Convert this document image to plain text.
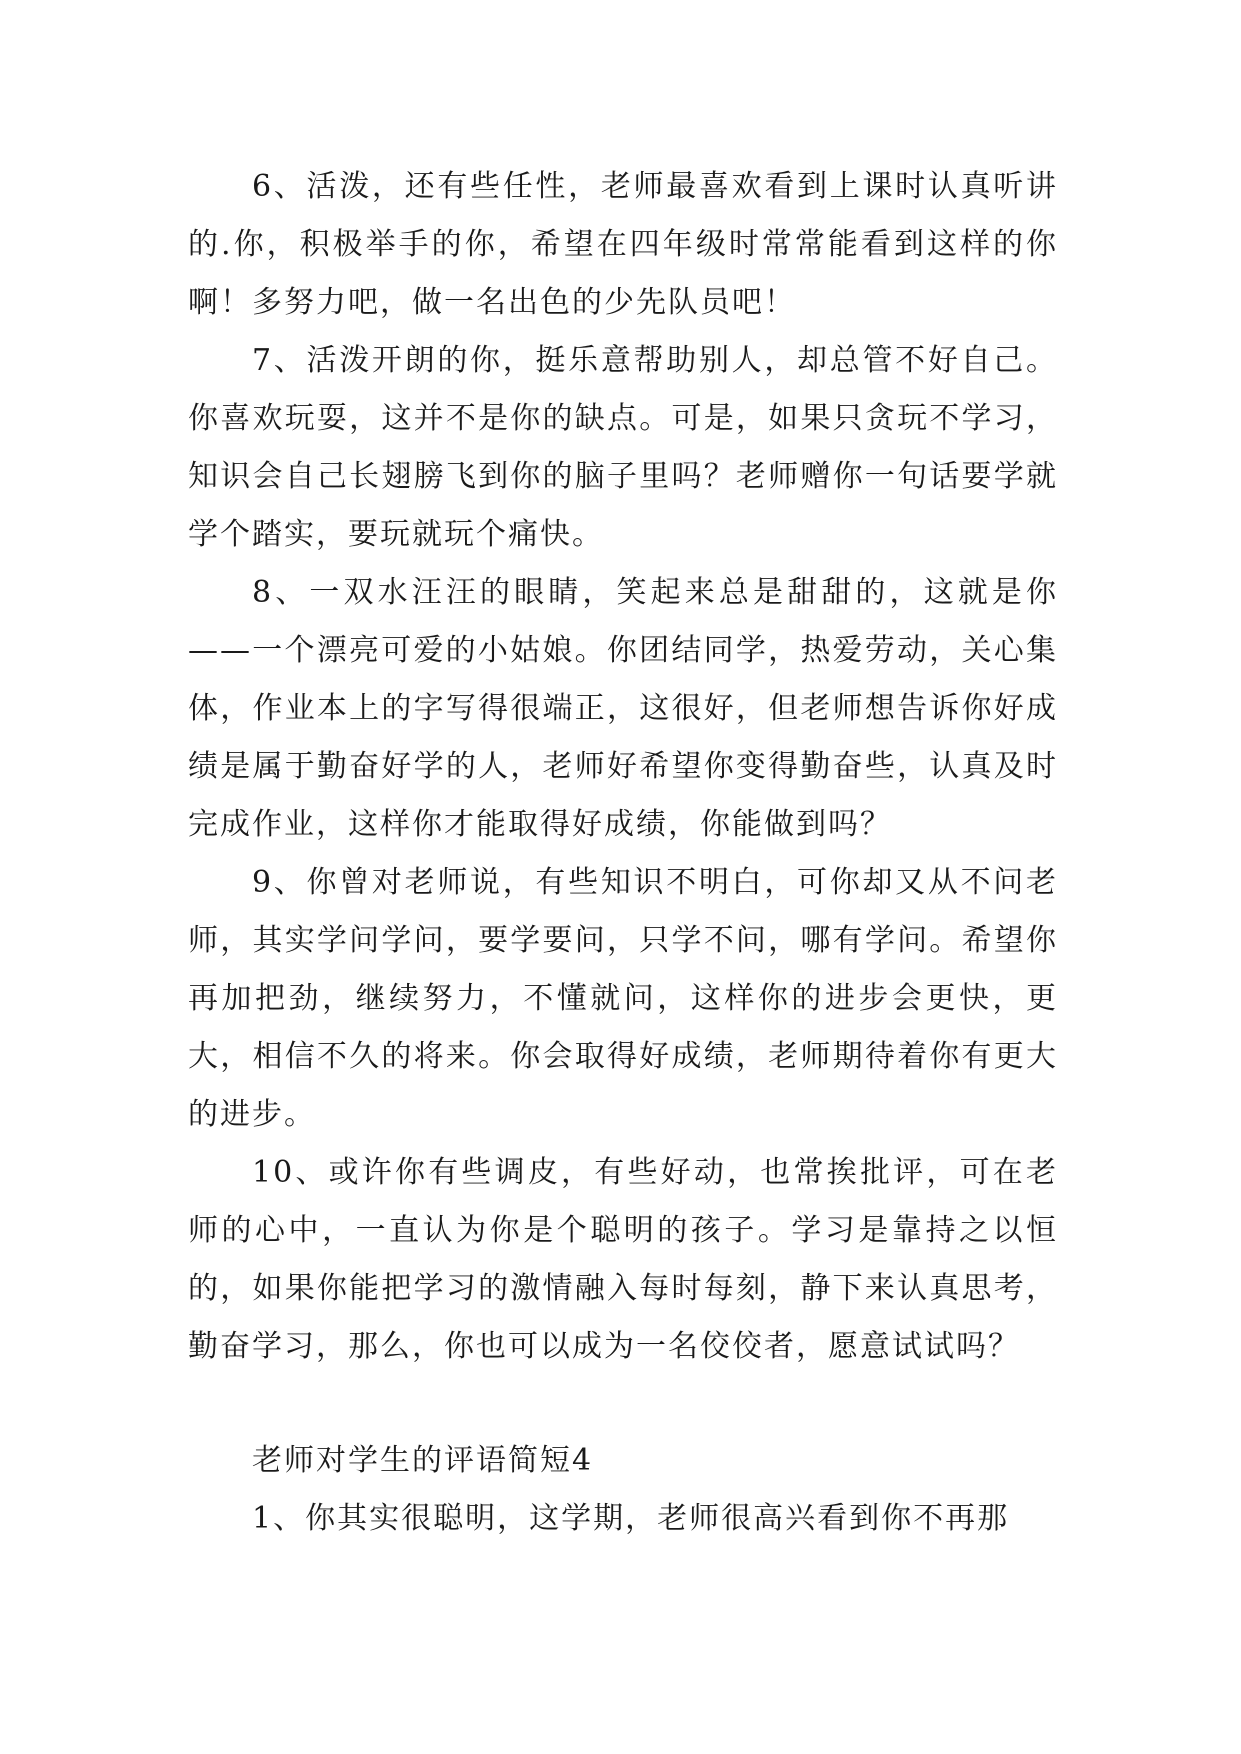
6、活泼，还有些任性，老师最喜欢看到上课时认真听讲的.你，积极举手的你，希望在四年级时常常能看到这样的你啊！多努力吧，做一名出色的少先队员吧！

7、活泼开朗的你，挺乐意帮助别人，却总管不好自己。你喜欢玩耍，这并不是你的缺点。可是，如果只贪玩不学习，知识会自己长翅膀飞到你的脑子里吗？老师赠你一句话要学就学个踏实，要玩就玩个痛快。

8、一双水汪汪的眼睛，笑起来总是甜甜的，这就是你——一个漂亮可爱的小姑娘。你团结同学，热爱劳动，关心集体，作业本上的字写得很端正，这很好，但老师想告诉你好成绩是属于勤奋好学的人，老师好希望你变得勤奋些，认真及时完成作业，这样你才能取得好成绩，你能做到吗？

9、你曾对老师说，有些知识不明白，可你却又从不问老师，其实学问学问，要学要问，只学不问，哪有学问。希望你再加把劲，继续努力，不懂就问，这样你的进步会更快，更大，相信不久的将来。你会取得好成绩，老师期待着你有更大的进步。

10、或许你有些调皮，有些好动，也常挨批评，可在老师的心中，一直认为你是个聪明的孩子。学习是靠持之以恒的，如果你能把学习的激情融入每时每刻，静下来认真思考，勤奋学习，那么，你也可以成为一名佼佼者，愿意试试吗？

老师对学生的评语简短4

1、你其实很聪明，这学期，老师很高兴看到你不再那
